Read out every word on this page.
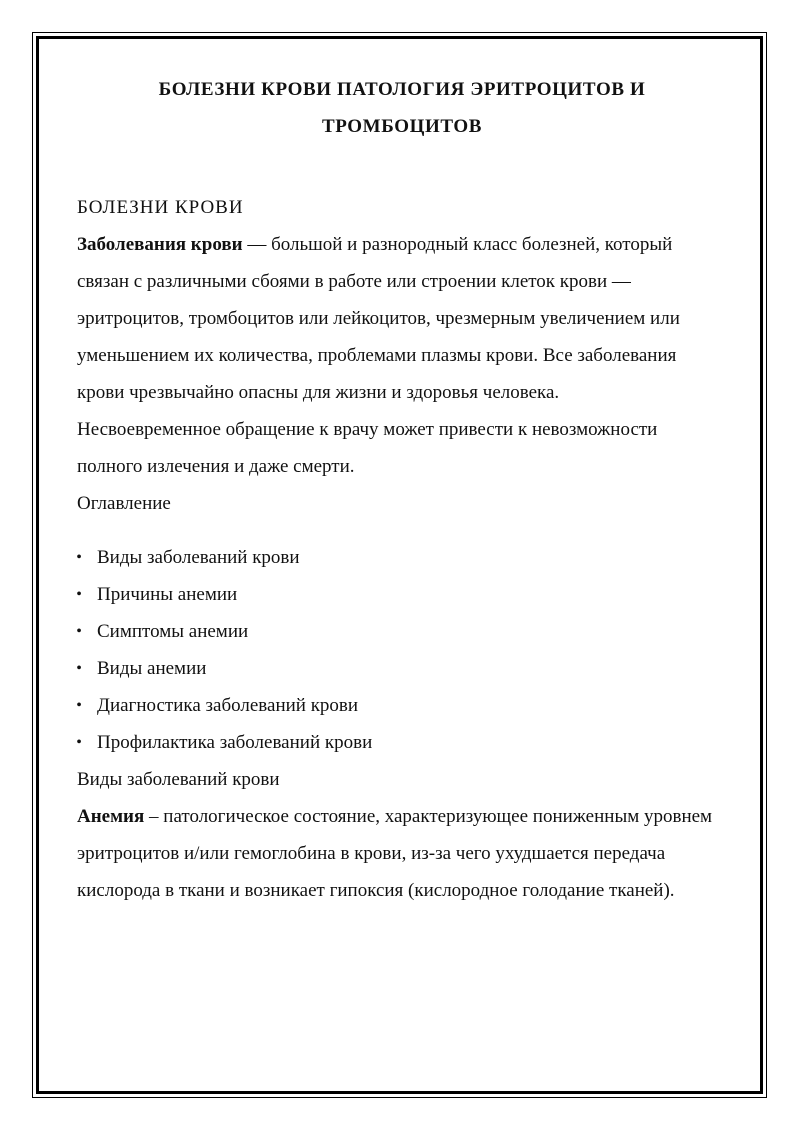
БОЛЕЗНИ КРОВИ ПАТОЛОГИЯ ЭРИТРОЦИТОВ И ТРОМБОЦИТОВ
БОЛЕЗНИ КРОВИ

Заболевания крови — большой и разнородный класс болезней, который связан с различными сбоями в работе или строении клеток крови — эритроцитов, тромбоцитов или лейкоцитов, чрезмерным увеличением или уменьшением их количества, проблемами плазмы крови. Все заболевания крови чрезвычайно опасны для жизни и здоровья человека.

Несвоевременное обращение к врачу может привести к невозможности полного излечения и даже смерти.

Оглавление

• Виды заболеваний крови
• Причины анемии
• Симптомы анемии
• Виды анемии
• Диагностика заболеваний крови
• Профилактика заболеваний крови

Виды заболеваний крови

Анемия – патологическое состояние, характеризующее пониженным уровнем эритроцитов и/или гемоглобина в крови, из-за чего ухудшается передача кислорода в ткани и возникает гипоксия (кислородное голодание тканей).
